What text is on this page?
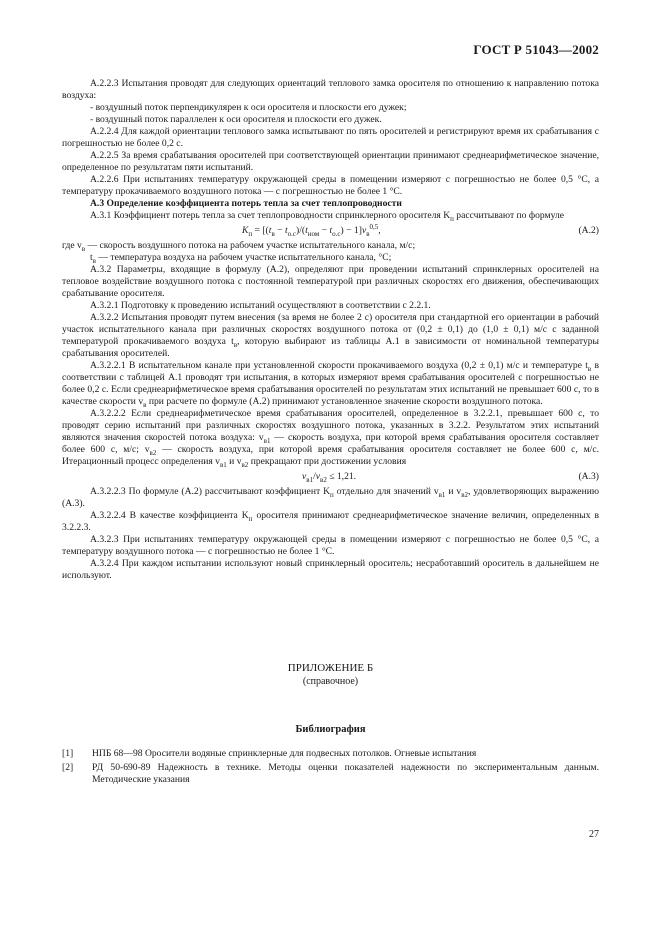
ГОСТ Р 51043—2002

А.2.2.3 Испытания проводят для следующих ориентаций теплового замка оросителя по отношению к направлению потока воздуха:

- воздушный поток перпендикулярен к оси оросителя и плоскости его дужек;

- воздушный поток параллелен к оси оросителя и плоскости его дужек.

А.2.2.4 Для каждой ориентации теплового замка испытывают по пять оросителей и регистрируют время их срабатывания с погрешностью не более 0,2 с.

А.2.2.5 За время срабатывания оросителей при соответствующей ориентации принимают среднеарифметическое значение, определенное по результатам пяти испытаний.

А.2.2.6 При испытаниях температуру окружающей среды в помещении измеряют с погрешностью не более 0,5 °С, а температуру прокачиваемого воздушного потока — с погрешностью не более 1 °С.

А.3 Определение коэффициента потерь тепла за счет теплопроводности

А.3.1 Коэффициент потерь тепла за счет теплопроводности спринклерного оросителя $K_п$ рассчитывают по формуле

$K_п = [(t_в - t_{о.с})/(t_{ном} - t_{о.с}) - 1]v_в^{0,5}$,	(А.2)

где $v_в$ — скорость воздушного потока на рабочем участке испытательного канала, м/с;

$t_в$ — температура воздуха на рабочем участке испытательного канала, °С;

А.3.2 Параметры, входящие в формулу (А.2), определяют при проведении испытаний спринклерных оросителей на тепловое воздействие воздушного потока с постоянной температурой при различных скоростях его движения, обеспечивающих срабатывание оросителя.

А.3.2.1 Подготовку к проведению испытаний осуществляют в соответствии с 2.2.1.

А.3.2.2 Испытания проводят путем внесения (за время не более 2 с) оросителя при стандартной его ориентации в рабочий участок испытательного канала при различных скоростях воздушного потока от (0,2 ± 0,1) до (1,0 ± 0,1) м/с с заданной температурой прокачиваемого воздуха $t_в$, которую выбирают из таблицы А.1 в зависимости от номинальной температуры срабатывания оросителей.

А.3.2.2.1 В испытательном канале при установленной скорости прокачиваемого воздуха (0,2 ± 0,1) м/с и температуре $t_в$ в соответствии с таблицей А.1 проводят три испытания, в которых измеряют время срабатывания оросителей с погрешностью не более 0,2 с. Если среднеарифметическое время срабатывания оросителей по результатам этих испытаний не превышает 600 с, то в качестве скорости $v_в$ при расчете по формуле (А.2) принимают установленное значение скорости воздушного потока.

А.3.2.2.2 Если среднеарифметическое время срабатывания оросителей, определенное в 3.2.2.1, превышает 600 с, то проводят серию испытаний при различных скоростях воздушного потока, указанных в 3.2.2. Результатом этих испытаний являются значения скоростей потока воздуха: $v_{в1}$ — скорость воздуха, при которой время срабатывания оросителя составляет более 600 с, м/с; $v_{в2}$ — скорость воздуха, при которой время срабатывания оросителя составляет не более 600 с, м/с. Итерационный процесс определения $v_{в1}$ и $v_{в2}$ прекращают при достижении условия

$v_{в1}/v_{в2} \le 1,21$.	(А.3)

А.3.2.2.3 По формуле (А.2) рассчитывают коэффициент $K_п$ отдельно для значений $v_{в1}$ и $v_{в2}$, удовлетворяющих выражению (А.3).

А.3.2.2.4 В качестве коэффициента $K_п$ оросителя принимают среднеарифметическое значение величин, определенных в 3.2.2.3.

А.3.2.3 При испытаниях температуру окружающей среды в помещении измеряют с погрешностью не более 0,5 °С, а температуру воздушного потока — с погрешностью не более 1 °С.

А.3.2.4 При каждом испытании используют новый спринклерный ороситель; несработавший ороситель в дальнейшем не используют.

ПРИЛОЖЕНИЕ Б
(справочное)
Библиография
[1] НПБ 68—98 Оросители водяные спринклерные для подвесных потолков. Огневые испытания
[2] РД 50-690-89 Надежность в технике. Методы оценки показателей надежности по экспериментальным данным. Методические указания
27
